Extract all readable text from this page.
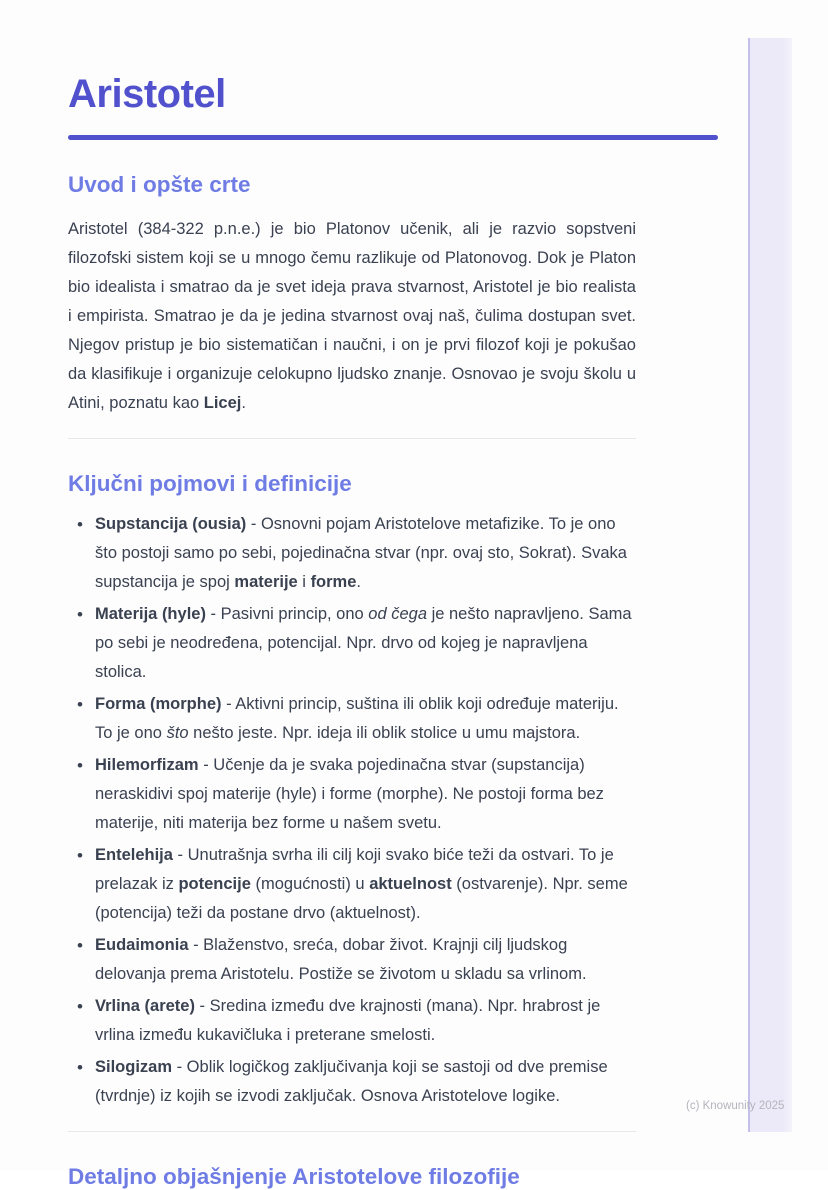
Aristotel
Uvod i opšte crte

Aristotel (384-322 p.n.e.) je bio Platonov učenik, ali je razvio sopstveni filozofski sistem koji se u mnogo čemu razlikuje od Platonovog. Dok je Platon bio idealista i smatrao da je svet ideja prava stvarnost, Aristotel je bio realista i empirista. Smatrao je da je jedina stvarnost ovaj naš, čulima dostupan svet. Njegov pristup je bio sistematičan i naučni, i on je prvi filozof koji je pokušao da klasifikuje i organizuje celokupno ljudsko znanje. Osnovao je svoju školu u Atini, poznatu kao Licej.

Ključni pojmovi i definicije
• Supstancija (ousia) - Osnovni pojam Aristotelove metafizike. To je ono što postoji samo po sebi, pojedinačna stvar (npr. ovaj sto, Sokrat). Svaka supstancija je spoj materije i forme.
• Materija (hyle) - Pasivni princip, ono od čega je nešto napravljeno. Sama po sebi je neodređena, potencijal. Npr. drvo od kojeg je napravljena stolica.
• Forma (morphe) - Aktivni princip, suština ili oblik koji određuje materiju. To je ono što nešto jeste. Npr. ideja ili oblik stolice u umu majstora.
• Hilemorfizam - Učenje da je svaka pojedinačna stvar (supstancija) neraskidivi spoj materije (hyle) i forme (morphe). Ne postoji forma bez materije, niti materija bez forme u našem svetu.
• Entelehija - Unutrašnja svrha ili cilj koji svako biće teži da ostvari. To je prelazak iz potencije (mogućnosti) u aktuelnost (ostvarenje). Npr. seme (potencija) teži da postane drvo (aktuelnost).
• Eudaimonia - Blaženstvo, sreća, dobar život. Krajnji cilj ljudskog delovanja prema Aristotelu. Postiže se životom u skladu sa vrlinom.
• Vrlina (arete) - Sredina između dve krajnosti (mana). Npr. hrabrost je vrlina između kukavičluka i preterane smelosti.
• Silogizam - Oblik logičkog zaključivanja koji se sastoji od dve premise (tvrdnje) iz kojih se izvodi zaključak. Osnova Aristotelove logike.
Detaljno objašnjenje Aristotelove filozofije
(c) Knowunity 2025
